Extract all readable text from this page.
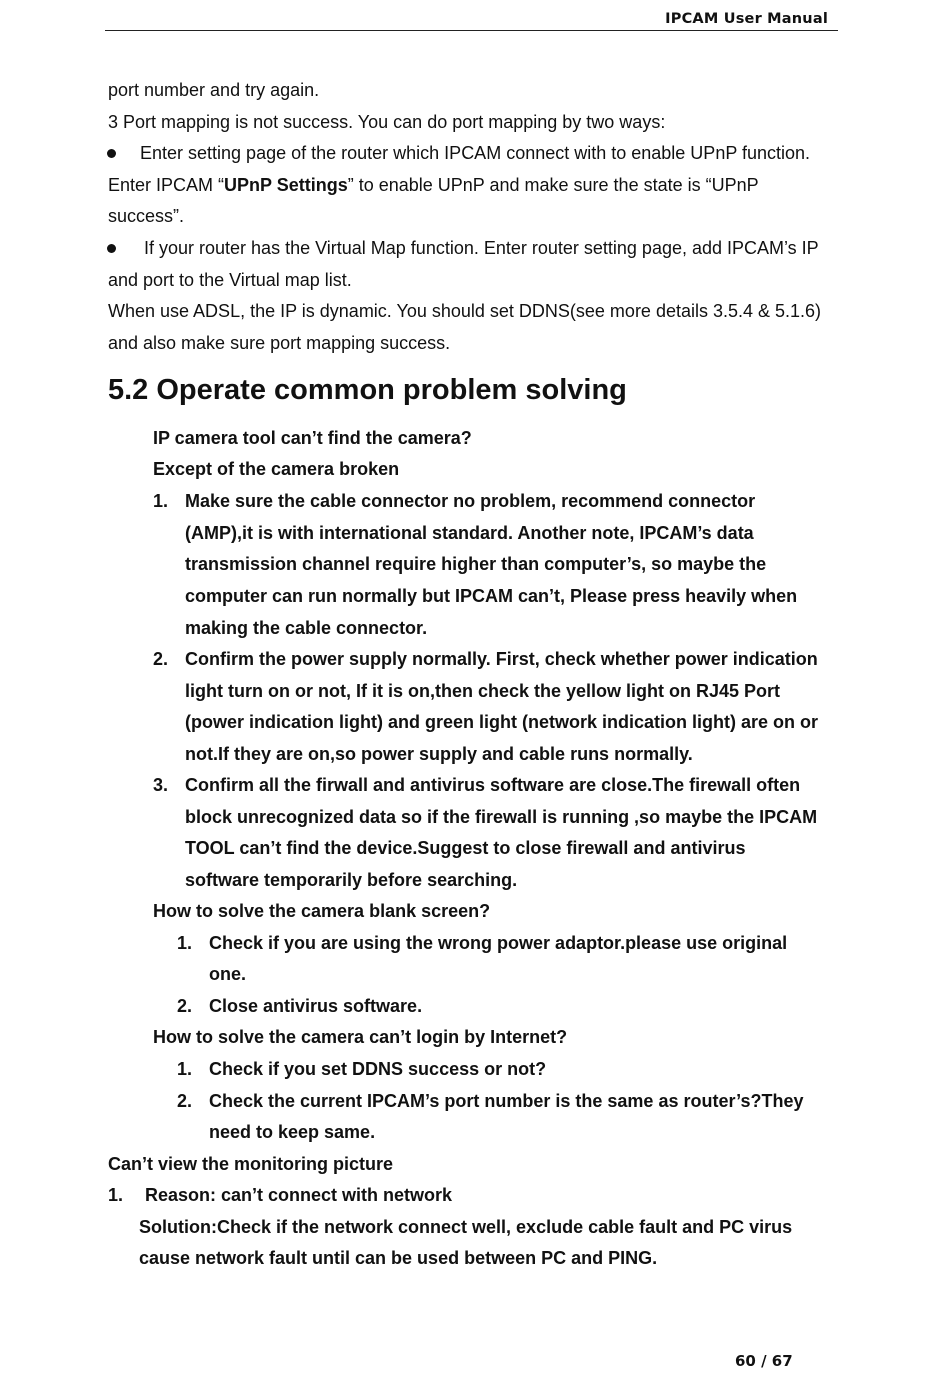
IPCAM User Manual
port number and try again.
3 Port mapping is not success. You can do port mapping by two ways:
Enter setting page of the router which IPCAM connect with to enable UPnP function.
Enter IPCAM “UPnP Settings” to enable UPnP and make sure the state is “UPnP
success”.
If your router has the Virtual Map function. Enter router setting page, add IPCAM’s IP
and port to the Virtual map list.
When use ADSL, the IP is dynamic. You should set DDNS(see more details 3.5.4 & 5.1.6)
and also make sure port mapping success.
5.2 Operate common problem solving
IP camera tool can’t find the camera?
Except of the camera broken
1. Make sure the cable connector no problem, recommend connector
(AMP),it is with international standard. Another note, IPCAM’s data
transmission channel require higher than computer’s, so maybe the
computer can run normally but IPCAM can’t, Please press heavily when
making the cable connector.
2. Confirm the power supply normally. First, check whether power indication
light turn on or not, If it is on,then check the yellow light on RJ45 Port
(power indication light) and green light (network indication light) are on or
not.If they are on,so power supply and cable runs normally.
3. Confirm all the firwall and antivirus software are close.The firewall often
block unrecognized data so if the firewall is running ,so maybe the IPCAM
TOOL can’t find the device.Suggest to close firewall and antivirus
software temporarily before searching.
How to solve the camera blank screen?
1. Check if you are using the wrong power adaptor.please use original
one.
2. Close antivirus software.
How to solve the camera can’t login by Internet?
1. Check if you set DDNS success or not?
2. Check the current IPCAM’s port number is the same as router’s?They
need to keep same.
Can’t view the monitoring picture
1. Reason: can’t connect with network
Solution:Check if the network connect well, exclude cable fault and PC virus
cause network fault until can be used between PC and PING.
60 / 67
